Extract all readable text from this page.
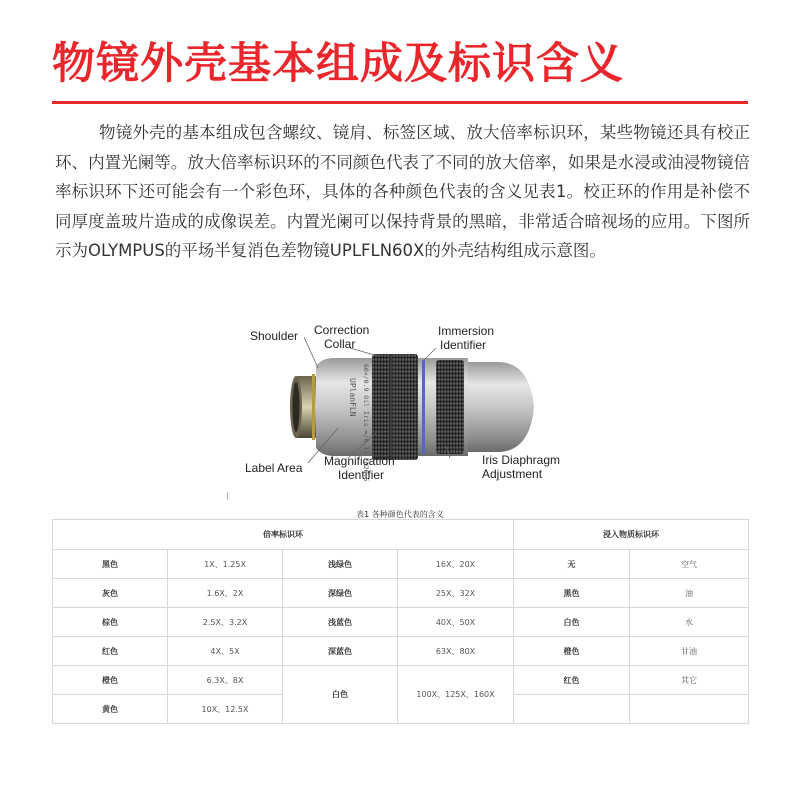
物镜外壳基本组成及标识含义

物镜外壳的基本组成包含螺纹、镜肩、标签区域、放大倍率标识环，某些物镜还具有校正环、内置光阑等。放大倍率标识环的不同颜色代表了不同的放大倍率，如果是水浸或油浸物镜倍率标识环下还可能会有一个彩色环，具体的各种颜色代表的含义见表1。校正环的作用是补偿不同厚度盖玻片造成的成像误差。内置光阑可以保持背景的黑暗，非常适合暗视场的应用。下图所示为OLYMPUS的平场半复消色差物镜UPLFLN60X的外壳结构组成示意图。

UPlanFLN 60×/0.9 Oil Iris ∞/0.17 FN26.5
Shoulder Correction
Collar
Immersion
Identifier
Label Area Magnification
Identifier
Iris Diaphragm
Adjustment
表1 各种颜色代表的含义
倍率标识环				浸入物质标识环	
黑色	1X、1.25X	浅绿色	16X、20X	无	空气
灰色	1.6X、2X	深绿色	25X、32X	黑色	油
棕色	2.5X、3.2X	浅蓝色	40X、50X	白色	水
红色	4X、5X	深蓝色	63X、80X	橙色	甘油
橙色	6.3X、8X	白色	100X、125X、160X	红色	其它
黄色	10X、12.5X				
